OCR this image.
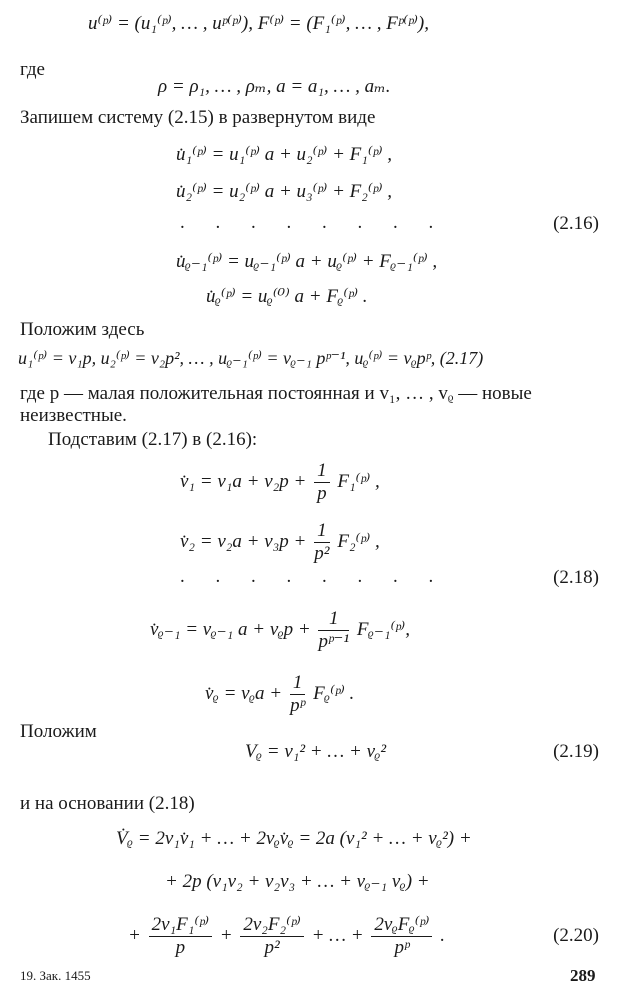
u⁽ᵖ⁾ = (u₁⁽ᵖ⁾, … , uᵖ⁽ᵖ⁾), F⁽ᵖ⁾ = (F₁⁽ᵖ⁾, … , Fᵖ⁽ᵖ⁾),
где
ρ = ρ₁, … , ρₘ, a = a₁, … , aₘ.
Запишем систему (2.15) в развернутом виде
u̇₁⁽ᵖ⁾ = u₁⁽ᵖ⁾ a + u₂⁽ᵖ⁾ + F₁⁽ᵖ⁾ ,
u̇₂⁽ᵖ⁾ = u₂⁽ᵖ⁾ a + u₃⁽ᵖ⁾ + F₂⁽ᵖ⁾ ,
. . . . . . . .	(2.16)
u̇ᵨ₋₁⁽ᵖ⁾ = uᵨ₋₁⁽ᵖ⁾ a + uᵨ⁽ᵖ⁾ + Fᵨ₋₁⁽ᵖ⁾ ,
u̇ᵨ⁽ᵖ⁾ = uᵨ⁽⁰⁾ a + Fᵨ⁽ᵖ⁾ .
Положим здесь
u₁⁽ᵖ⁾ = v₁p, u₂⁽ᵖ⁾ = v₂p², … , uᵨ₋₁⁽ᵖ⁾ = vᵨ₋₁ pᵖ⁻¹, uᵨ⁽ᵖ⁾ = vᵨpᵖ, (2.17)
где p — малая положительная постоянная и v₁, … , vᵨ — новые
неизвестные.
Подставим (2.17) в (2.16):
v̇₁ = $v_1a + v_2p + \frac{1}{p}$ F₁⁽ᵖ⁾ ,
v̇₂ = $v_2a + v_3p + \frac{1}{\text{p²}}$ F₂⁽ᵖ⁾ ,
. . . . . . . .	(2.18)
v̇ᵨ₋₁ = vᵨ₋₁ a + vᵨp + $\frac{1}{\text{pᵖ⁻¹}}$ Fᵨ₋₁⁽ᵖ⁾,
v̇ᵨ = vᵨa + $\frac{1}{\text{pᵖ}}$ Fᵨ⁽ᵖ⁾ .
Положим
Vᵨ = v₁² + … + vᵨ²	(2.19)
и на основании (2.18)
V̇ᵨ = 2v₁v̇₁ + … + 2vᵨv̇ᵨ = 2a (v₁² + … + vᵨ²) +
+ 2p (v₁v₂ + v₂v₃ + … + vᵨ₋₁ vᵨ) +
+ $\frac{\text{2v₁F₁⁽ᵖ⁾}}{p} + \frac{\text{2v₂F₂⁽ᵖ⁾}}{\text{p²}}$ + … + $\frac{\text{2vᵨFᵨ⁽ᵖ⁾}}{\text{pᵖ}}$ .	(2.20)
19. Зак. 1455	289
